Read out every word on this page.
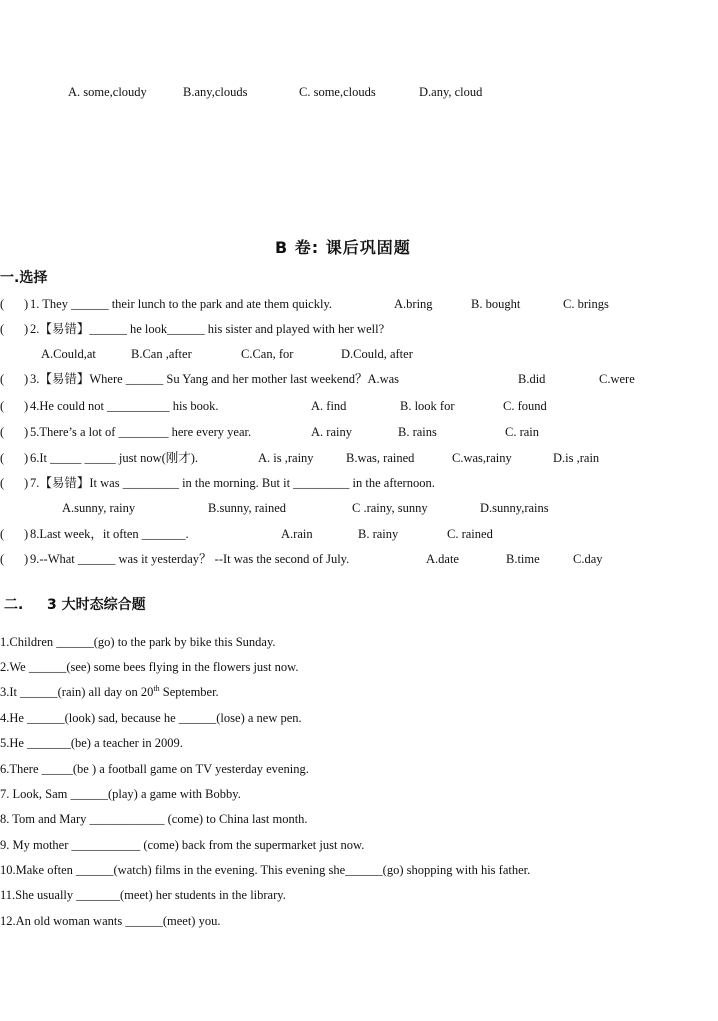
A. some,cloudy	B.any,clouds	C. some,clouds	D.any, cloud
B 卷: 课后巩固题
一.选择
( ) 1. They ______ their lunch to the park and ate them quickly.	A.bring	B. bought	C. brings
( ) 2.【易错】______ he look______ his sister and played with her well?
A.Could,at	B.Can ,after	C.Can, for	D.Could, after
( ) 3.【易错】Where ______ Su Yang and her mother last weekend？A.was	B.did	C.were
( ) 4.He could not __________ his book.	A. find	B. look for	C. found
( ) 5.There’s a lot of ________ here every year.	A. rainy	B. rains	C. rain
( ) 6.It _____ _____ just now(刚才).	A. is ,rainy	B.was, rained	C.was,rainy	D.is ,rain
( ) 7.【易错】It was _________ in the morning. But it _________ in the afternoon.
A.sunny, rainy	B.sunny, rained	C .rainy, sunny	D.sunny,rains
( ) 8.Last week，it often _______.	A.rain	B. rainy	C. rained
( ) 9.--What ______ was it yesterday？ --It was the second of July.	A.date	B.time	C.day
二. 3 大时态综合题
1.Children ______(go) to the park by bike this Sunday.
2.We ______(see) some bees flying in the flowers just now.
3.It ______(rain) all day on 20th September.
4.He ______(look) sad, because he ______(lose) a new pen.
5.He _______(be) a teacher in 2009.
6.There _____(be ) a football game on TV yesterday evening.
7. Look, Sam ______(play) a game with Bobby.
8. Tom and Mary ____________ (come) to China last month.
9. My mother ___________ (come) back from the supermarket just now.
10.Make often ______(watch) films in the evening. This evening she______(go) shopping with his father.
11.She usually _______(meet) her students in the library.
12.An old woman wants ______(meet) you.
